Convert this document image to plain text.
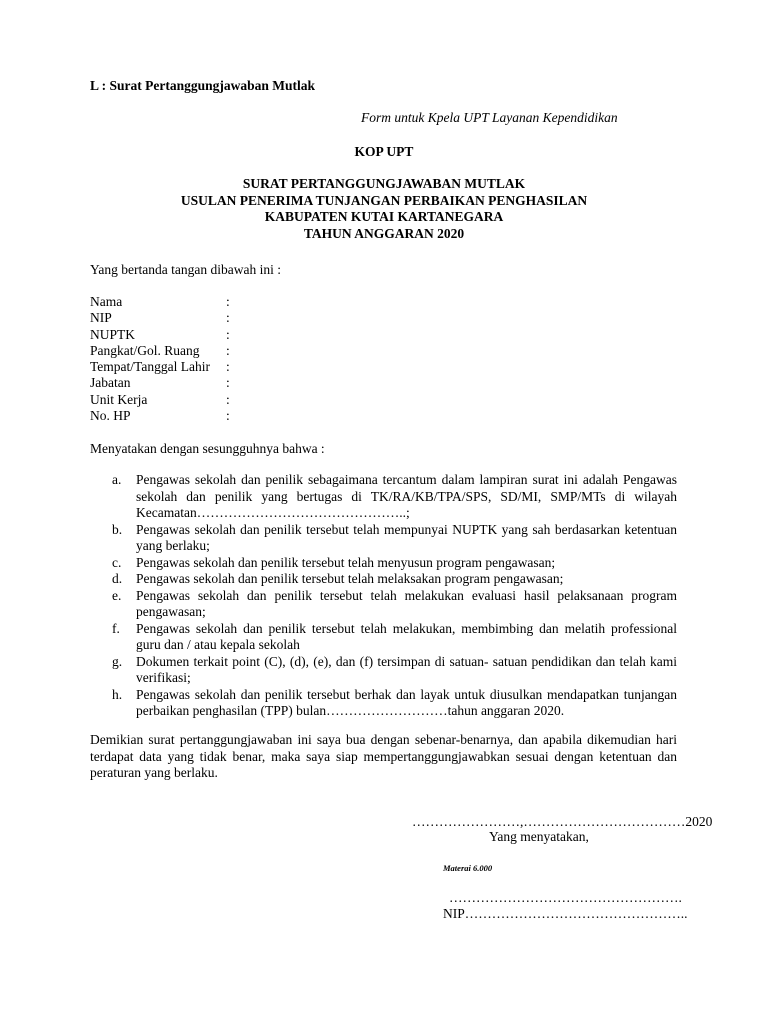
L : Surat Pertanggungjawaban Mutlak
Form untuk Kpela UPT Layanan Kependidikan
KOP UPT
SURAT PERTANGGUNGJAWABAN MUTLAK
USULAN PENERIMA TUNJANGAN PERBAIKAN PENGHASILAN
KABUPATEN KUTAI KARTANEGARA
TAHUN ANGGARAN 2020
Yang bertanda tangan dibawah ini :
Nama	:
NIP	:
NUPTK	:
Pangkat/Gol. Ruang :
Tempat/Tanggal Lahir :
Jabatan	:
Unit Kerja	:
No. HP	:
Menyatakan dengan sesungguhnya bahwa :
a. Pengawas sekolah dan penilik sebagaimana tercantum dalam lampiran surat ini adalah Pengawas sekolah dan penilik yang bertugas di TK/RA/KB/TPA/SPS, SD/MI, SMP/MTs di wilayah Kecamatan………………………………………..;
b. Pengawas sekolah dan penilik tersebut telah mempunyai NUPTK yang sah berdasarkan ketentuan yang berlaku;
c. Pengawas sekolah dan penilik tersebut telah menyusun program pengawasan;
d. Pengawas sekolah dan penilik tersebut telah melaksakan program pengawasan;
e. Pengawas sekolah dan penilik tersebut telah melakukan evaluasi hasil pelaksanaan program pengawasan;
f. Pengawas sekolah dan penilik tersebut telah melakukan, membimbing dan melatih professional guru dan / atau kepala sekolah
g. Dokumen terkait point (C), (d), (e), dan (f) tersimpan di satuan- satuan pendidikan dan telah kami verifikasi;
h. Pengawas sekolah dan penilik tersebut berhak dan layak untuk diusulkan mendapatkan tunjangan perbaikan penghasilan (TPP) bulan………………………tahun anggaran 2020.
Demikian surat pertanggungjawaban ini saya bua dengan sebenar-benarnya, dan apabila dikemudian hari terdapat data yang tidak benar, maka saya siap mempertanggungjawabkan sesuai dengan ketentuan dan peraturan yang berlaku.
……………………,………………………………2020
Yang menyatakan,
Materai 6.000
…………………………………………….
NIP…………………………………………..
